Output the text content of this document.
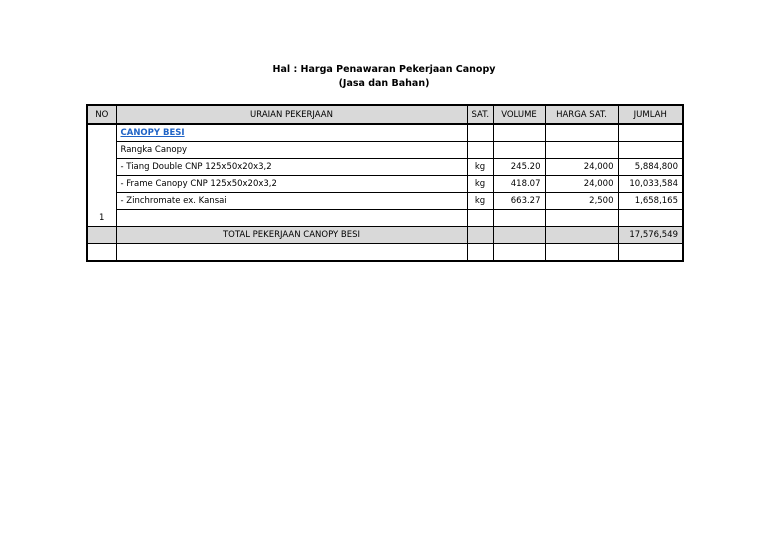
Hal : Harga Penawaran Pekerjaan Canopy
(Jasa dan Bahan)
NO	URAIAN PEKERJAAN	SAT.	VOLUME	HARGA SAT.	JUMLAH
1	CANOPY BESI				
	Rangka Canopy				
	- Tiang Double CNP 125x50x20x3,2	kg	245.20	24,000	5,884,800
	- Frame Canopy CNP 125x50x20x3,2	kg	418.07	24,000	10,033,584
	- Zinchromate ex. Kansai	kg	663.27	2,500	1,658,165

	TOTAL PEKERJAAN CANOPY BESI				17,576,549
